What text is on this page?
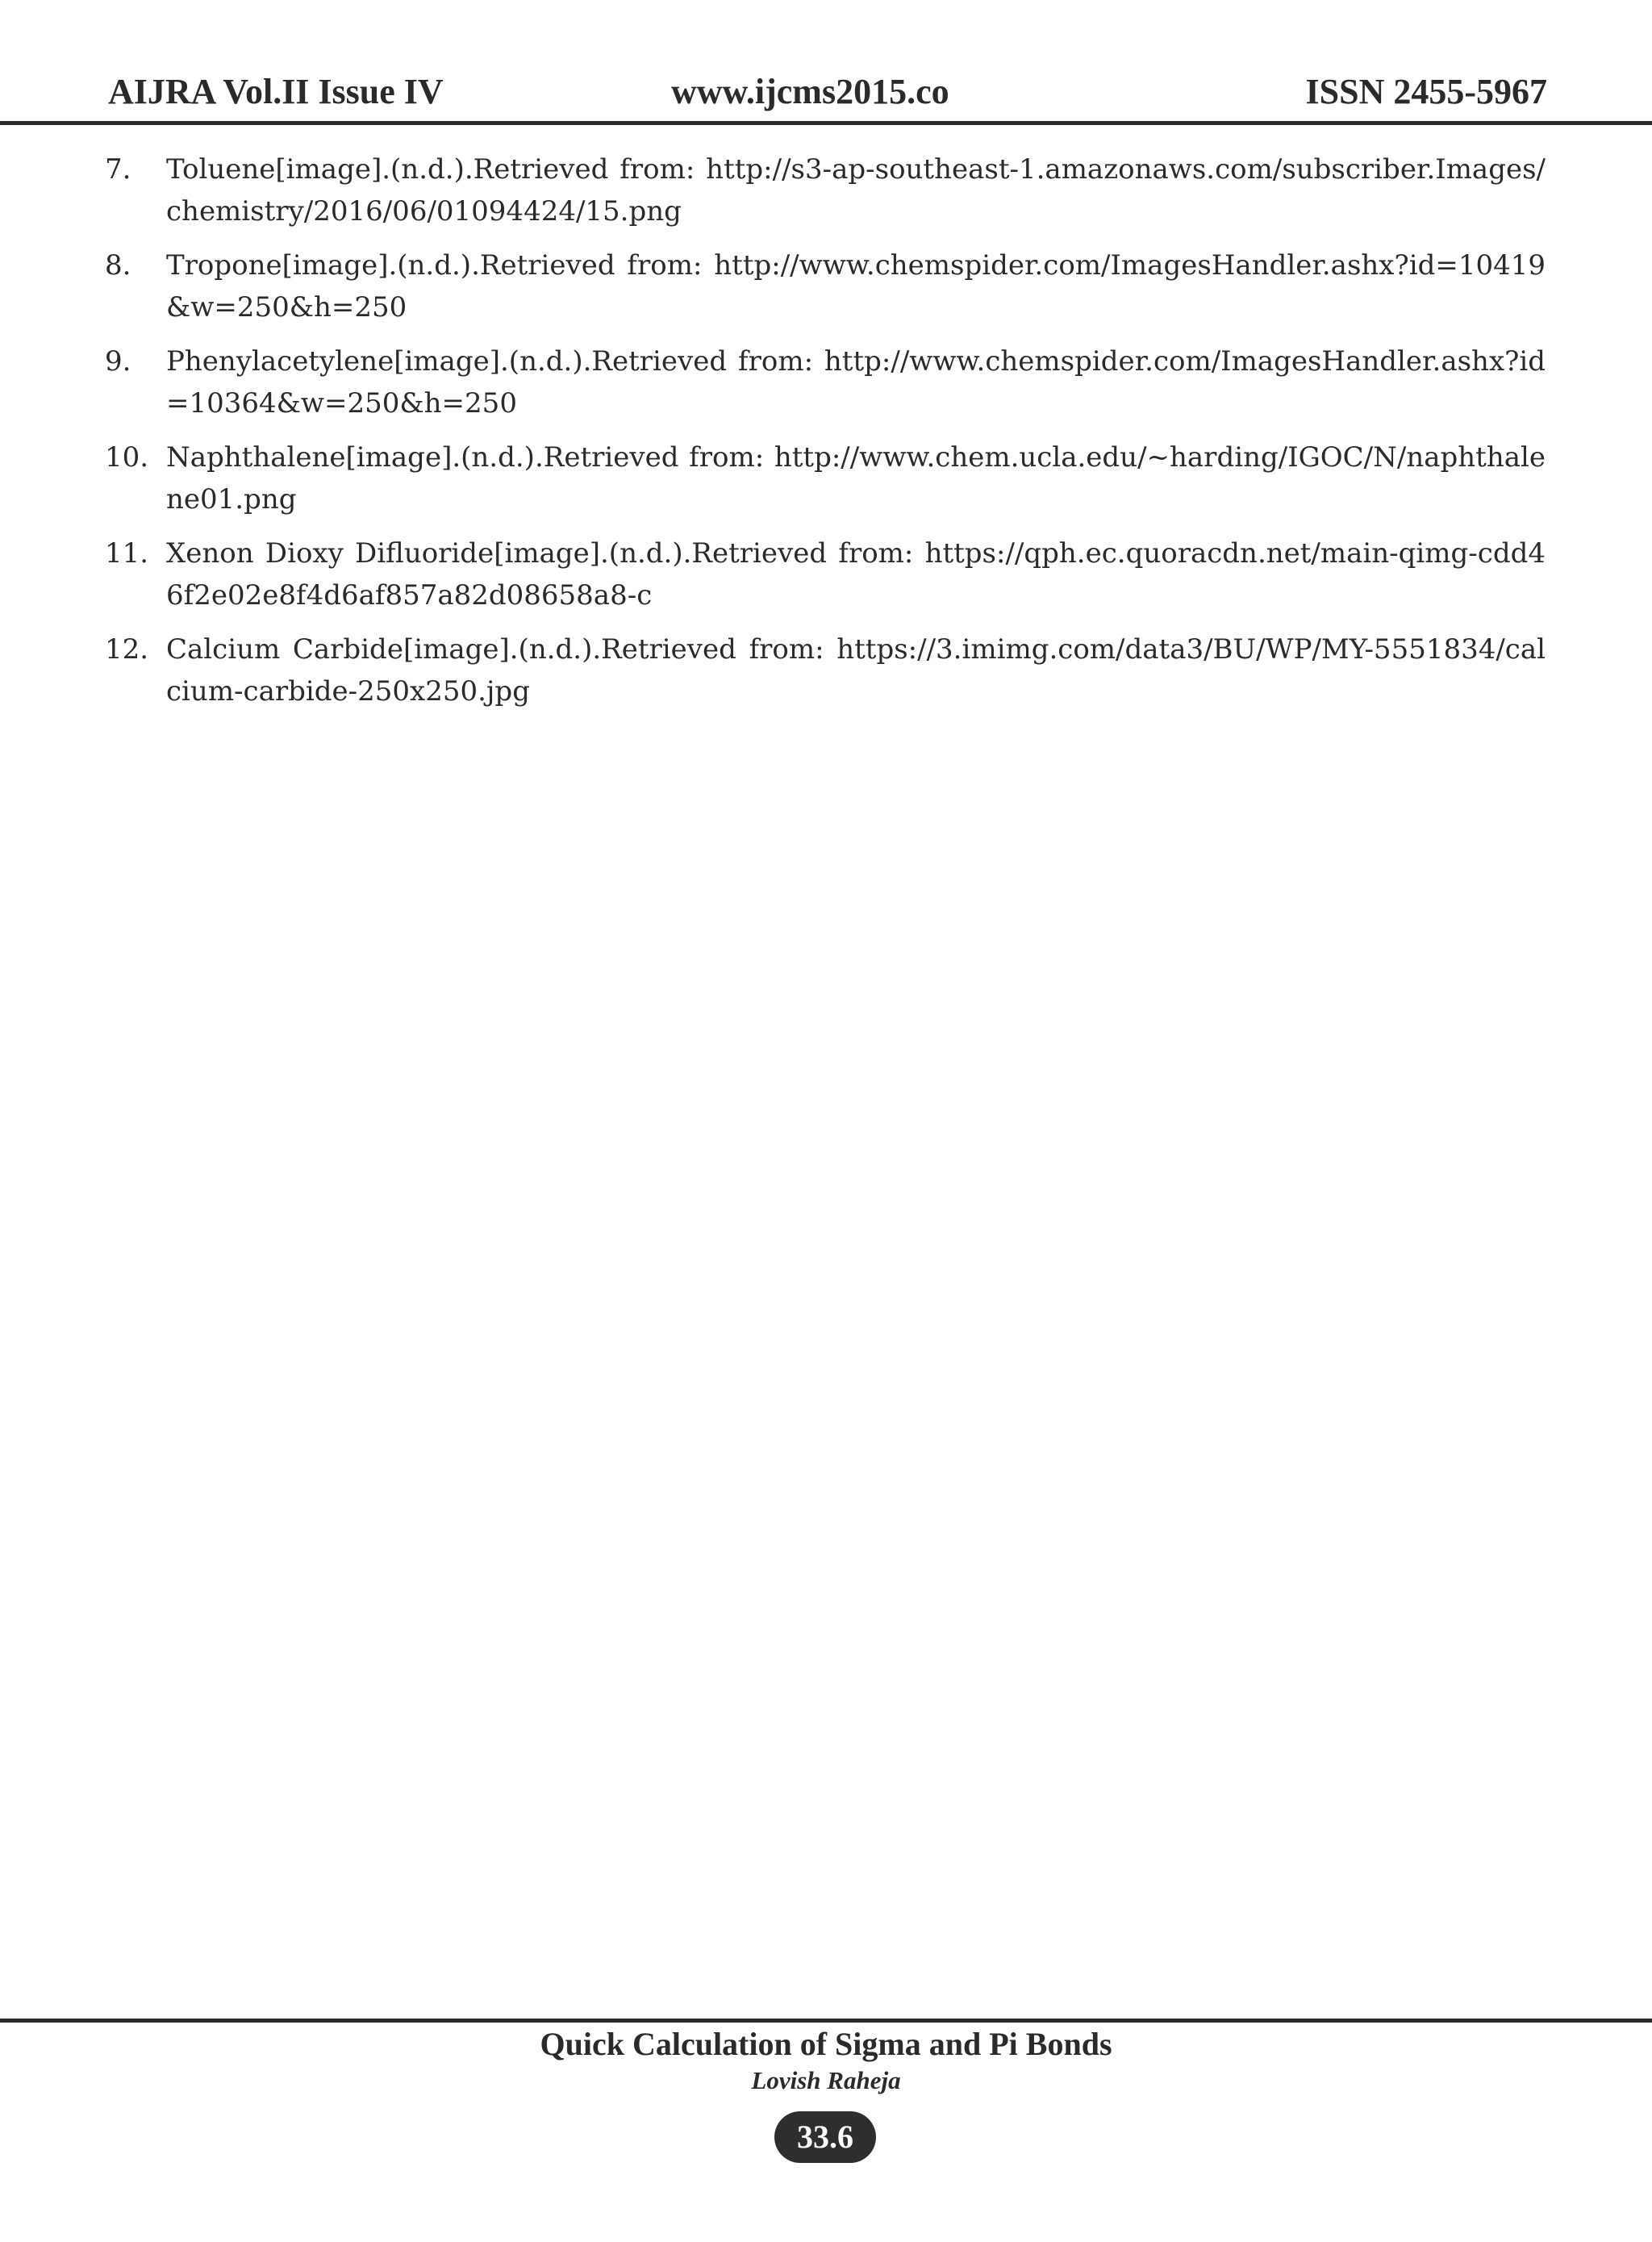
AIJRA Vol.II Issue IV	www.ijcms2015.co	ISSN 2455-5967
7.	Toluene[image].(n.d.).Retrieved from: http://s3-ap-southeast-1.amazonaws.com/subscriber.Images/chemistry/2016/06/01094424/15.png
8.	Tropone[image].(n.d.).Retrieved from: http://www.chemspider.com/ImagesHandler.ashx?id=10419&w=250&h=250
9.	Phenylacetylene[image].(n.d.).Retrieved from: http://www.chemspider.com/ImagesHandler.ashx?id=10364&w=250&h=250
10. Naphthalene[image].(n.d.).Retrieved from: http://www.chem.ucla.edu/~harding/IGOC/N/naphthalene01.png
11. Xenon Dioxy Difluoride[image].(n.d.).Retrieved from: https://qph.ec.quoracdn.net/main-qimg-cdd46f2e02e8f4d6af857a82d08658a8-c
12. Calcium Carbide[image].(n.d.).Retrieved from: https://3.imimg.com/data3/BU/WP/MY-5551834/calcium-carbide-250x250.jpg
Quick Calculation of Sigma and Pi Bonds
Lovish Raheja
33.6
